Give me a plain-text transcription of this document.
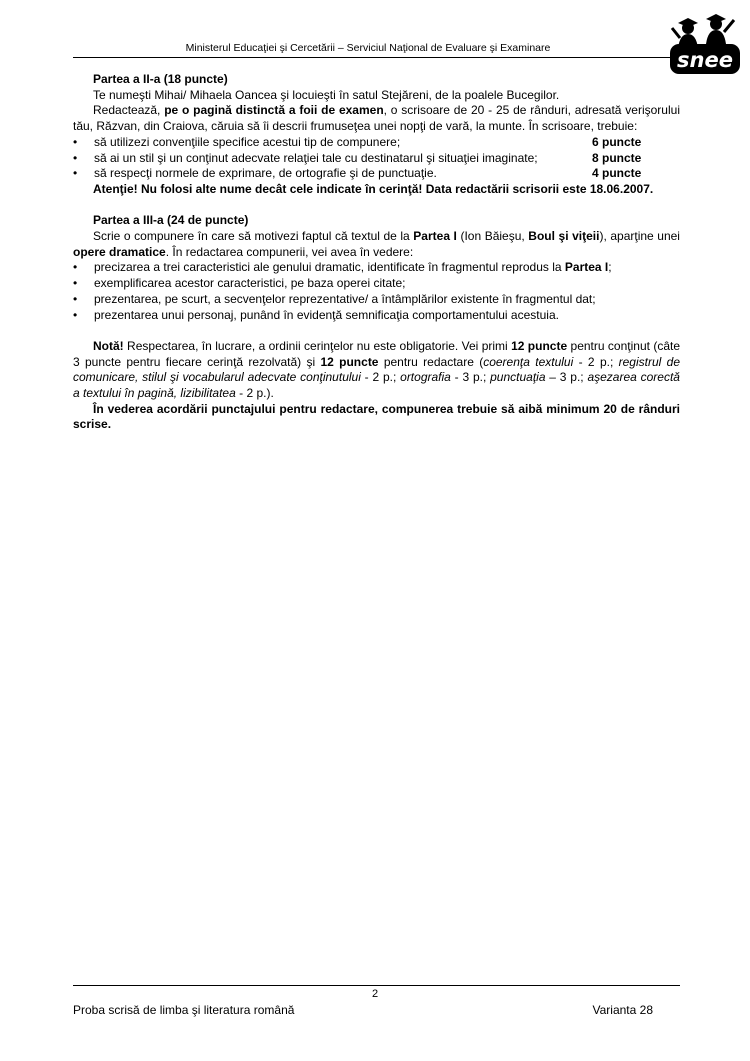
Ministerul Educaţiei şi Cercetării – Serviciul Naţional de Evaluare şi Examinare	snee

Partea a II-a (18 puncte)

Te numeşti Mihai/ Mihaela Oancea şi locuieşti în satul Stejăreni, de la poalele Bucegilor.

Redactează, pe o pagină distinctă a foii de examen, o scrisoare de 20 - 25 de rânduri, adresată verişorului tău, Răzvan, din Craiova, căruia să îi descrii frumuseţea unei nopţi de vară, la munte. În scrisoare, trebuie:

• să utilizezi convenţiile specifice acestui tip de compunere;	6 puncte
• să ai un stil şi un conţinut adecvate relaţiei tale cu destinatarul şi situaţiei imaginate;	8 puncte
• să respecţi normele de exprimare, de ortografie şi de punctuaţie.	4 puncte

Atenţie! Nu folosi alte nume decât cele indicate în cerinţă! Data redactării scrisorii este 18.06.2007.

Partea a III-a (24 de puncte)

Scrie o compunere în care să motivezi faptul că textul de la Partea I (Ion Băieşu, Boul şi viţeii), aparţine unei opere dramatice. În redactarea compunerii, vei avea în vedere:

• precizarea a trei caracteristici ale genului dramatic, identificate în fragmentul reprodus la Partea I;
• exemplificarea acestor caracteristici, pe baza operei citate;
• prezentarea, pe scurt, a secvenţelor reprezentative/ a întâmplărilor existente în fragmentul dat;
• prezentarea unui personaj, punând în evidenţă semnificaţia comportamentului acestuia.

Notă! Respectarea, în lucrare, a ordinii cerinţelor nu este obligatorie. Vei primi 12 puncte pentru conţinut (câte 3 puncte pentru fiecare cerinţă rezolvată) şi 12 puncte pentru redactare (coerenţa textului - 2 p.; registrul de comunicare, stilul şi vocabularul adecvate conţinutului - 2 p.; ortografia - 3 p.; punctuaţia – 3 p.; aşezarea corectă a textului în pagină, lizibilitatea - 2 p.).

În vederea acordării punctajului pentru redactare, compunerea trebuie să aibă minimum 20 de rânduri scrise.

2
Proba scrisă de limba şi literatura română	Varianta 28
